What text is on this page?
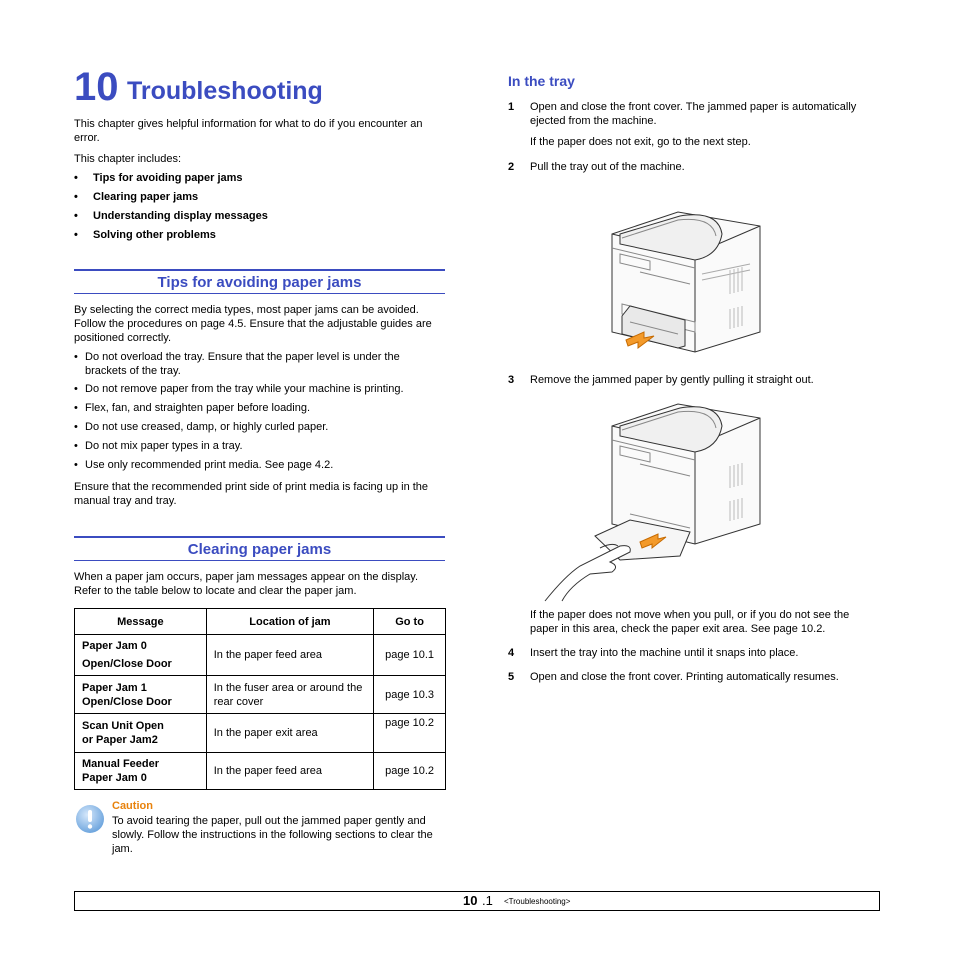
10 Troubleshooting
This chapter gives helpful information for what to do if you encounter an error.
This chapter includes:
• Tips for avoiding paper jams
• Clearing paper jams
• Understanding display messages
• Solving other problems
Tips for avoiding paper jams
By selecting the correct media types, most paper jams can be avoided. Follow the procedures on page 4.5. Ensure that the adjustable guides are positioned correctly.
• Do not overload the tray. Ensure that the paper level is under the brackets of the tray.
• Do not remove paper from the tray while your machine is printing.
• Flex, fan, and straighten paper before loading.
• Do not use creased, damp, or highly curled paper.
• Do not mix paper types in a tray.
• Use only recommended print media. See page 4.2.
Ensure that the recommended print side of print media is facing up in the manual tray and tray.
Clearing paper jams
When a paper jam occurs, paper jam messages appear on the display. Refer to the table below to locate and clear the paper jam.
Message	Location of jam	Go to

Paper Jam 0
Open/Close Door	In the paper feed area	page 10.1

Paper Jam 1
Open/Close Door	In the fuser area or around the rear cover	page 10.3

Scan Unit Open
or Paper Jam2	In the paper exit area	page 10.2

Manual Feeder
Paper Jam 0	In the paper feed area	page 10.2
Caution
To avoid tearing the paper, pull out the jammed paper gently and slowly. Follow the instructions in the following sections to clear the jam.
In the tray
1 Open and close the front cover. The jammed paper is automatically ejected from the machine.
If the paper does not exit, go to the next step.
2 Pull the tray out of the machine.
3 Remove the jammed paper by gently pulling it straight out.
If the paper does not move when you pull, or if you do not see the paper in this area, check the paper exit area. See page 10.2.
4 Insert the tray into the machine until it snaps into place.
5 Open and close the front cover. Printing automatically resumes.
10 .1 <Troubleshooting>
